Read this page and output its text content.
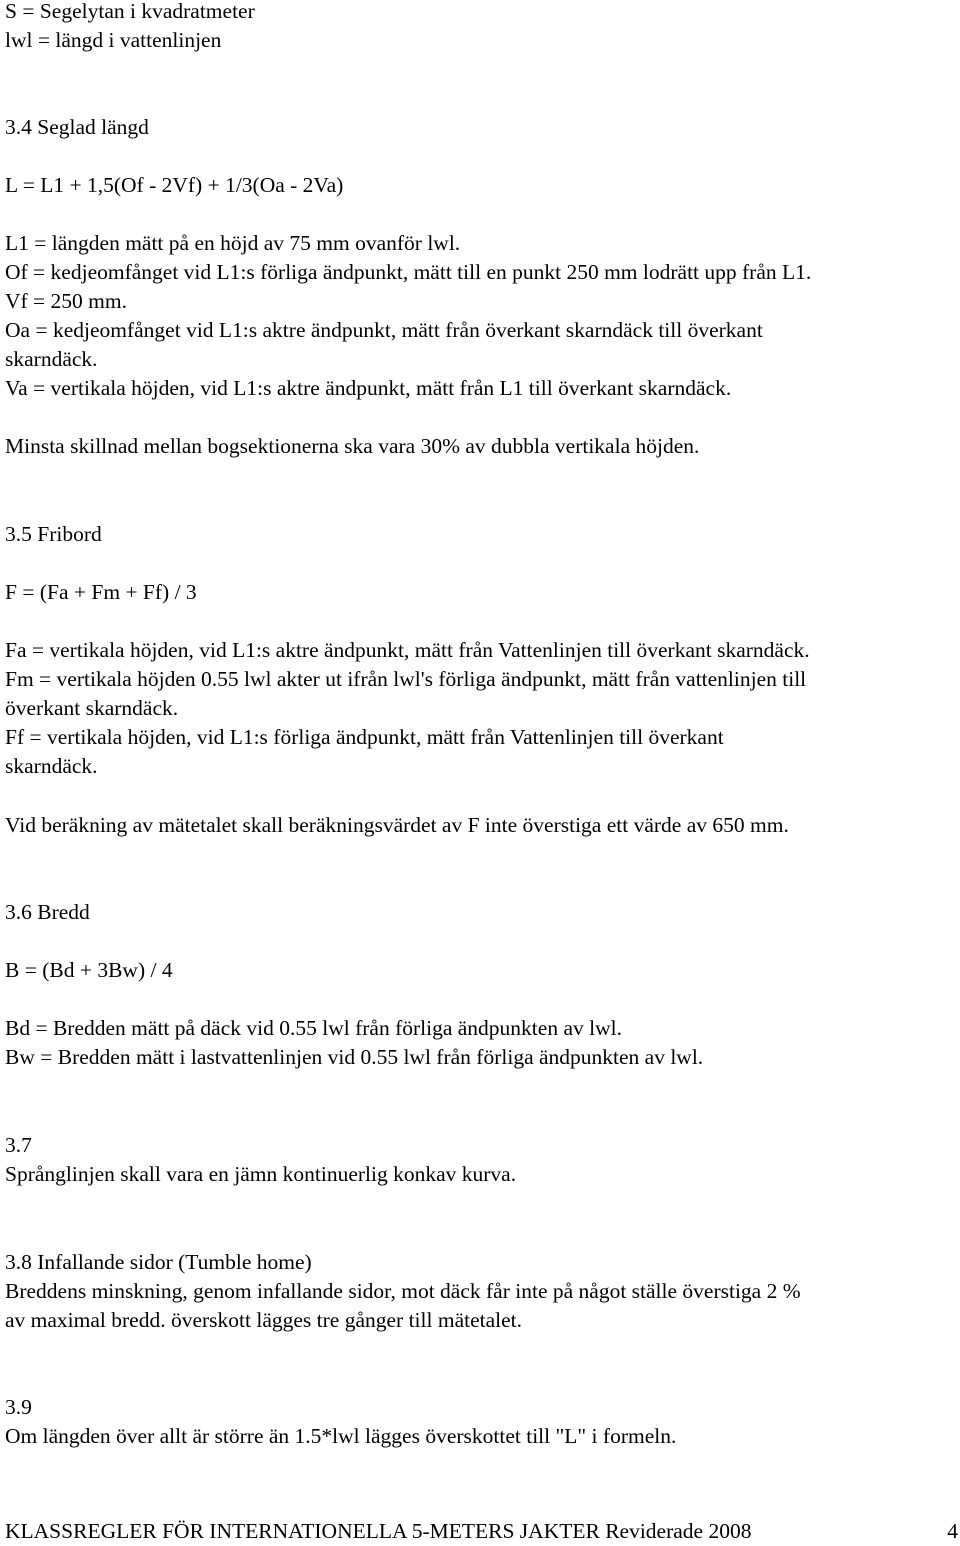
S = Segelytan i kvadratmeter
lwl = längd i vattenlinjen
3.4 Seglad längd
L = L1 + 1,5(Of - 2Vf) + 1/3(Oa - 2Va)
L1 = längden mätt på en höjd av 75 mm ovanför lwl.
Of = kedjeomfånget vid L1:s förliga ändpunkt, mätt till en punkt 250 mm lodrätt upp från L1.
Vf = 250 mm.
Oa = kedjeomfånget vid L1:s aktre ändpunkt, mätt från överkant skarndäck till överkant
skarndäck.
Va = vertikala höjden, vid L1:s aktre ändpunkt, mätt från L1 till överkant skarndäck.
Minsta skillnad mellan bogsektionerna ska vara 30% av dubbla vertikala höjden.
3.5 Fribord
F = (Fa + Fm + Ff) / 3
Fa = vertikala höjden, vid L1:s aktre ändpunkt, mätt från Vattenlinjen till överkant skarndäck.
Fm = vertikala höjden 0.55 lwl akter ut ifrån lwl's förliga ändpunkt, mätt från vattenlinjen till
överkant skarndäck.
Ff = vertikala höjden, vid L1:s förliga ändpunkt, mätt från Vattenlinjen till överkant
skarndäck.
Vid beräkning av mätetalet skall beräkningsvärdet av F inte överstiga ett värde av 650 mm.
3.6 Bredd
B = (Bd + 3Bw) / 4
Bd = Bredden mätt på däck vid 0.55 lwl från förliga ändpunkten av lwl.
Bw = Bredden mätt i lastvattenlinjen vid 0.55 lwl från förliga ändpunkten av lwl.
3.7
Språnglinjen skall vara en jämn kontinuerlig konkav kurva.
3.8 Infallande sidor (Tumble home)
Breddens minskning, genom infallande sidor, mot däck får inte på något ställe överstiga 2 %
av maximal bredd. överskott lägges tre gånger till mätetalet.
3.9
Om längden över allt är större än 1.5*lwl lägges överskottet till "L" i formeln.
KLASSREGLER FÖR INTERNATIONELLA 5-METERS JAKTER Reviderade 2008	4
